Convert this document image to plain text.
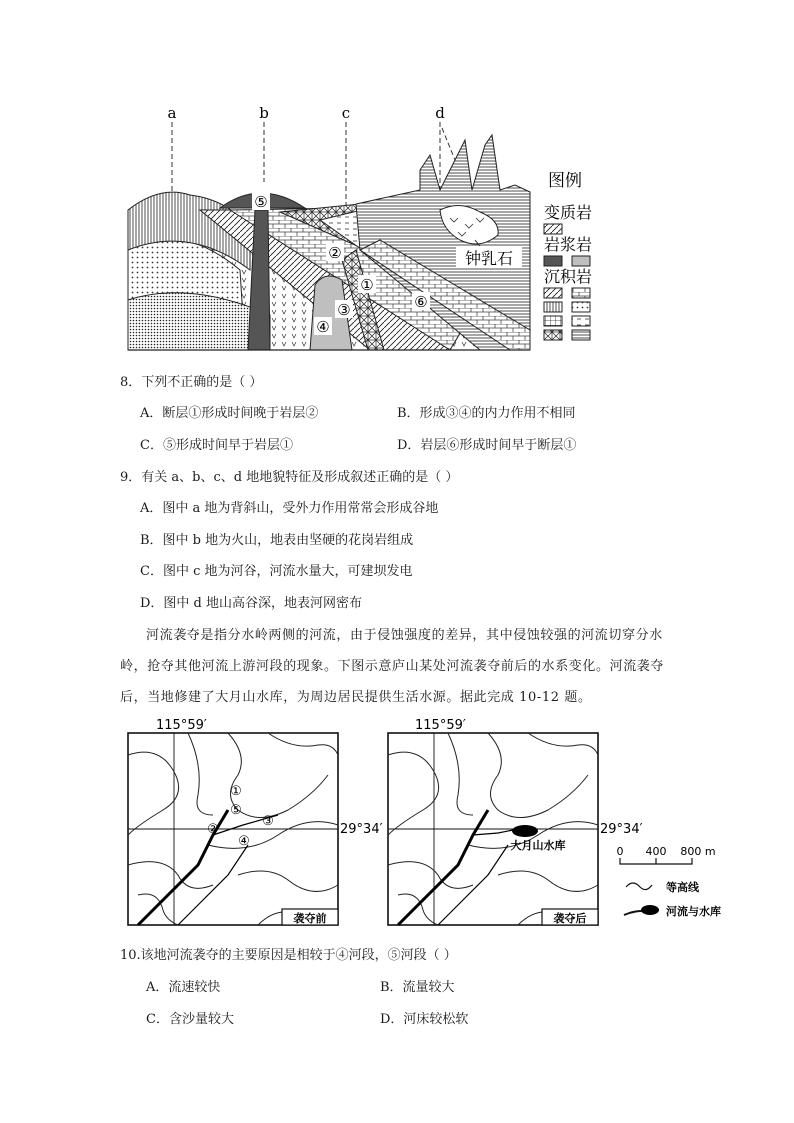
a	b	c	d
⑤
②
①
③
④
⑥
钟乳石
图例
变质岩
岩浆岩
沉积岩
8．下列不正确的是（ ）
A．断层①形成时间晚于岩层②	B．形成③④的内力作用不相同
C．⑤形成时间早于岩层①	D．岩层⑥形成时间早于断层①
9．有关 a、b、c、d 地地貌特征及形成叙述正确的是（ ）
A．图中 a 地为背斜山，受外力作用常常会形成谷地
B．图中 b 地为火山，地表由坚硬的花岗岩组成
C．图中 c 地为河谷，河流水量大，可建坝发电
D．图中 d 地山高谷深，地表河网密布
河流袭夺是指分水岭两侧的河流，由于侵蚀强度的差异，其中侵蚀较强的河流切穿分水
岭，抢夺其他河流上游河段的现象。下图示意庐山某处河流袭夺前后的水系变化。河流袭夺
后，当地修建了大月山水库，为周边居民提供生活水源。据此完成 10-12 题。
115°59′
①
⑤
②
③
④
袭夺前
29°34′
115°59′
大月山水库
袭夺后
29°34′
0 400 800 m
等高线
河流与水库
10.该地河流袭夺的主要原因是相较于④河段，⑤河段（ ）
A．流速较快	B．流量较大
C．含沙量较大	D．河床较松软
